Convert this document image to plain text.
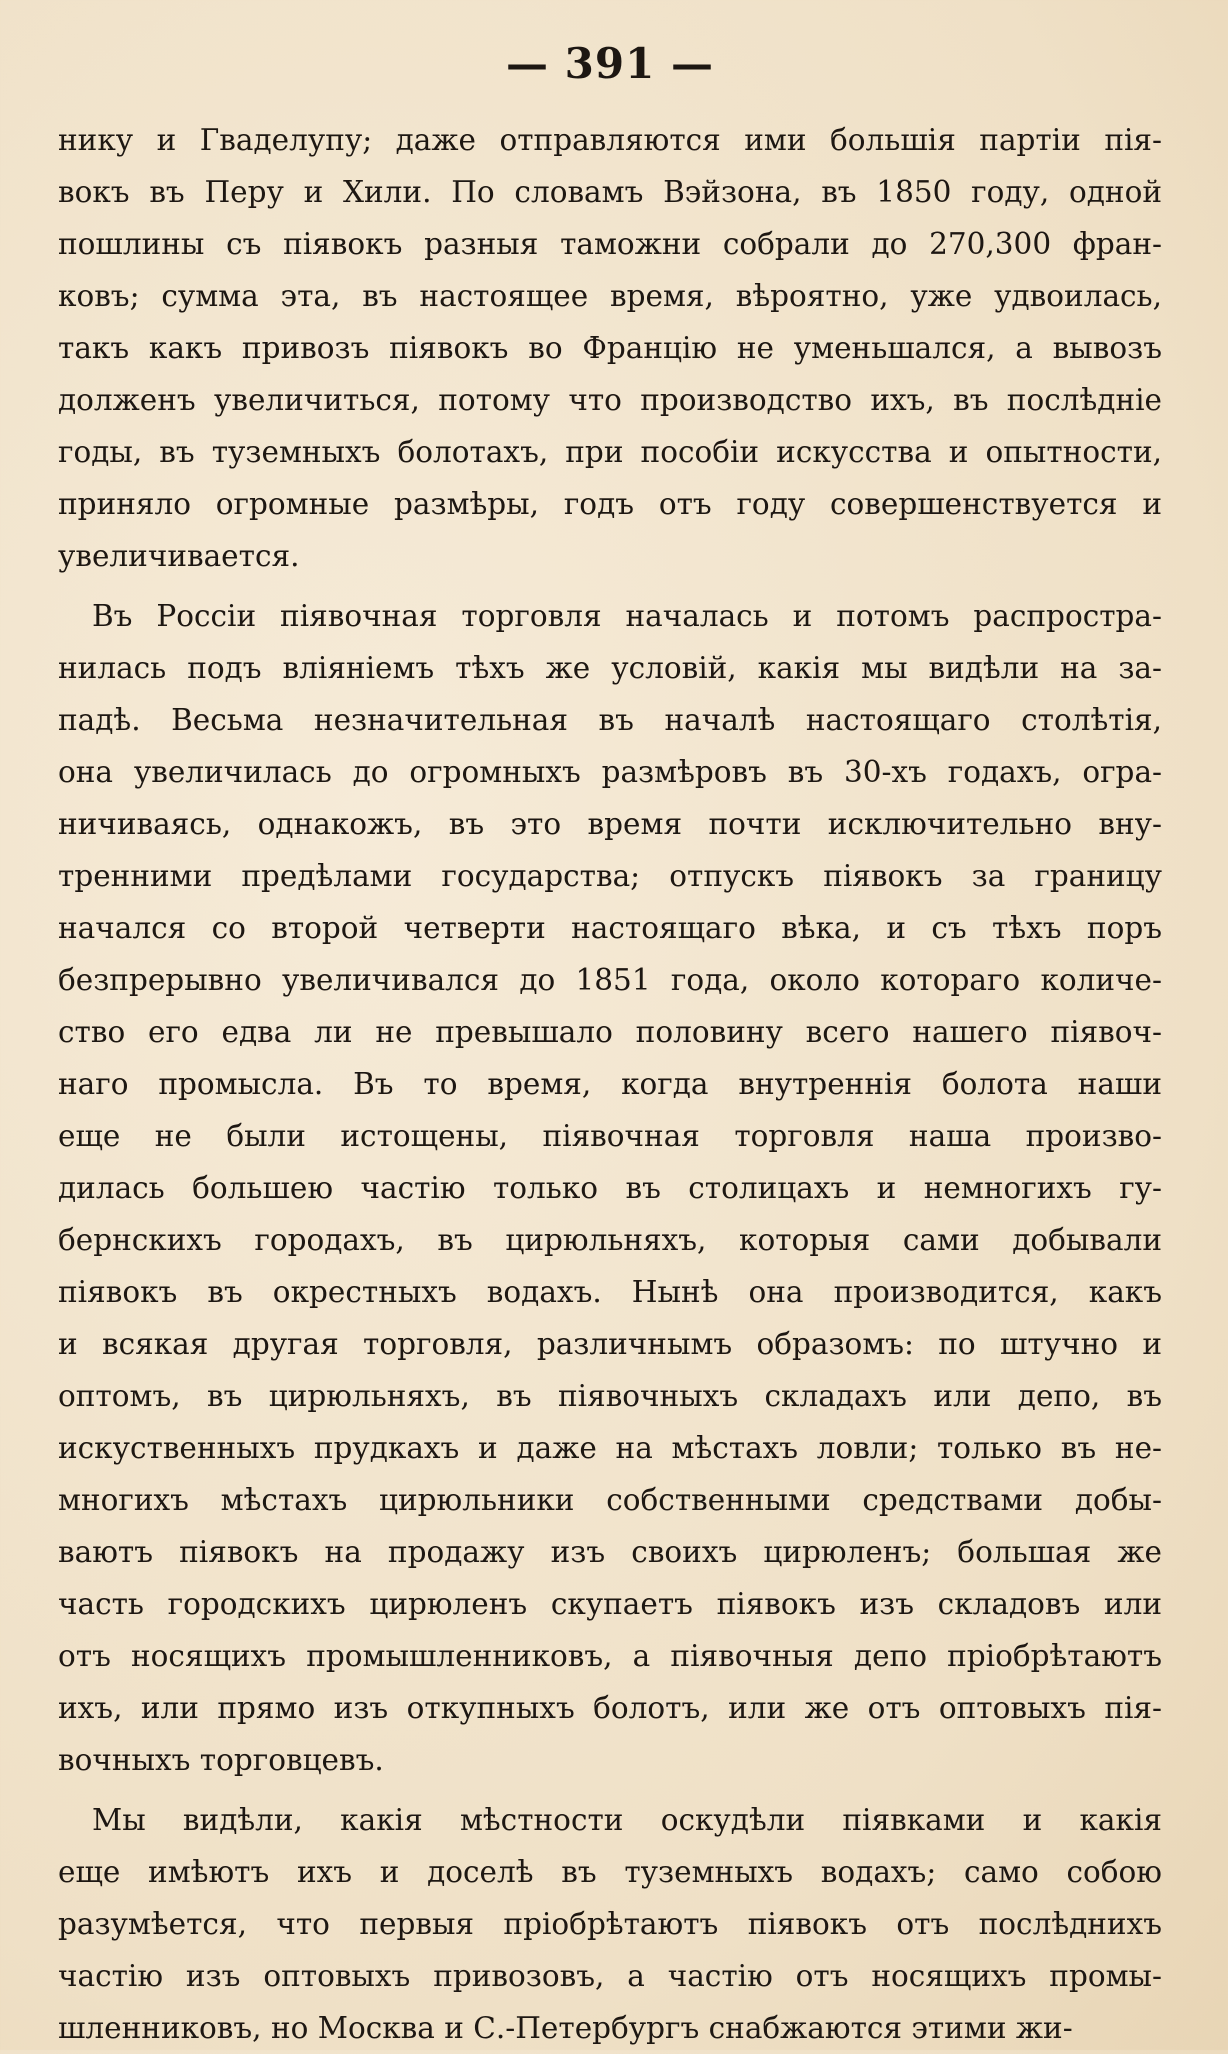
— 391 —
нику и Гваделупу; даже отправляются ими большія партіи пія-
вокъ въ Перу и Хили. По словамъ Вэйзона, въ 1850 году, одной
пошлины съ піявокъ разныя таможни собрали до 270,300 фран-
ковъ; сумма эта, въ настоящее время, вѣроятно, уже удвоилась,
такъ какъ привозъ піявокъ во Францію не уменьшался, а вывозъ
долженъ увеличиться, потому что производство ихъ, въ послѣдніе
годы, въ туземныхъ болотахъ, при пособіи искусства и опытности,
приняло огромные размѣры, годъ отъ году совершенствуется и
увеличивается.
Въ Россіи піявочная торговля началась и потомъ распростра-
нилась подъ вліяніемъ тѣхъ же условій, какія мы видѣли на за-
падѣ. Весьма незначительная въ началѣ настоящаго столѣтія,
она увеличилась до огромныхъ размѣровъ въ 30-хъ годахъ, огра-
ничиваясь, однакожъ, въ это время почти исключительно вну-
тренними предѣлами государства; отпускъ піявокъ за границу
начался со второй четверти настоящаго вѣка, и съ тѣхъ поръ
безпрерывно увеличивался до 1851 года, около котораго количе-
ство его едва ли не превышало половину всего нашего піявоч-
наго промысла. Въ то время, когда внутреннія болота наши
еще не были истощены, піявочная торговля наша произво-
дилась большею частію только въ столицахъ и немногихъ гу-
бернскихъ городахъ, въ цирюльняхъ, которыя сами добывали
піявокъ въ окрестныхъ водахъ. Нынѣ она производится, какъ
и всякая другая торговля, различнымъ образомъ: по штучно и
оптомъ, въ цирюльняхъ, въ піявочныхъ складахъ или депо, въ
искуственныхъ прудкахъ и даже на мѣстахъ ловли; только въ не-
многихъ мѣстахъ цирюльники собственными средствами добы-
ваютъ піявокъ на продажу изъ своихъ цирюленъ; большая же
часть городскихъ цирюленъ скупаетъ піявокъ изъ складовъ или
отъ носящихъ промышленниковъ, а піявочныя депо пріобрѣтаютъ
ихъ, или прямо изъ откупныхъ болотъ, или же отъ оптовыхъ пія-
вочныхъ торговцевъ.
Мы видѣли, какія мѣстности оскудѣли піявками и какія
еще имѣютъ ихъ и доселѣ въ туземныхъ водахъ; само собою
разумѣется, что первыя пріобрѣтаютъ піявокъ отъ послѣднихъ
частію изъ оптовыхъ привозовъ, а частію отъ носящихъ промы-
шленниковъ, но Москва и С.-Петербургъ снабжаются этими жи-
